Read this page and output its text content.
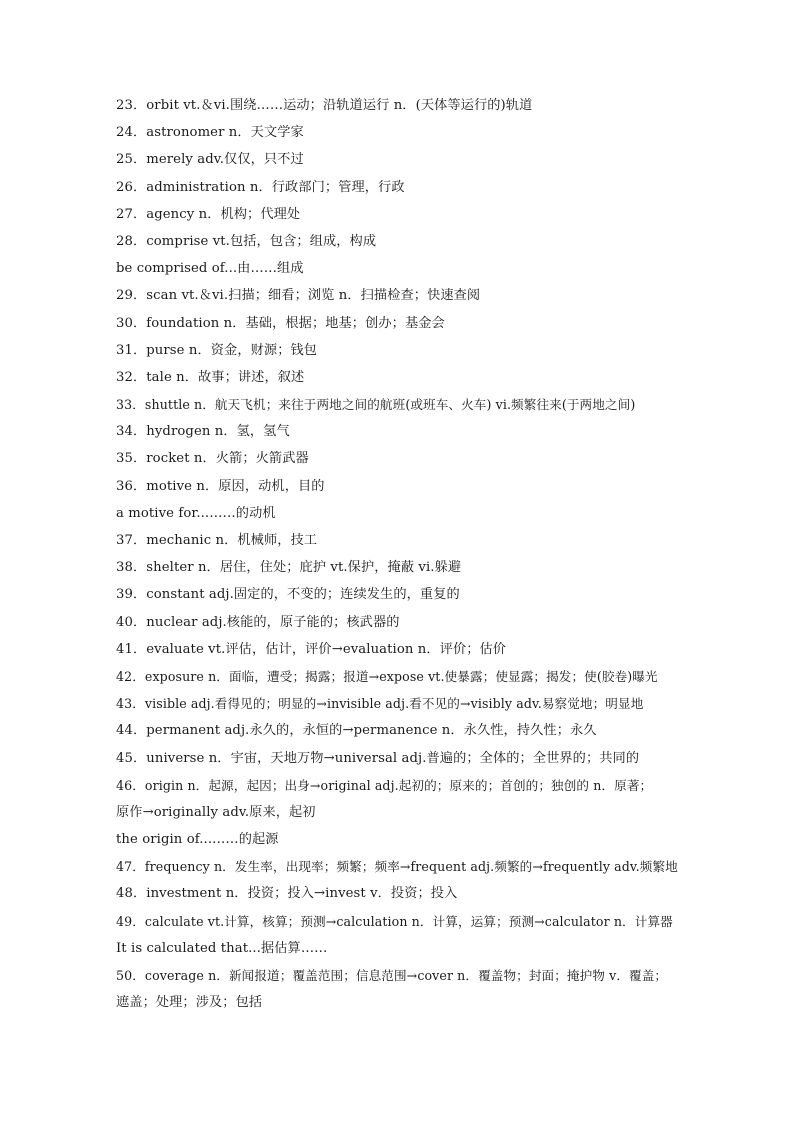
23．orbit vt.＆vi.围绕……运动；沿轨道运行 n．(天体等运行的)轨道
24．astronomer n．天文学家
25．merely adv.仅仅，只不过
26．administration n．行政部门；管理，行政
27．agency n．机构；代理处
28．comprise vt.包括，包含；组成，构成
be comprised of...由……组成
29．scan vt.＆vi.扫描；细看；浏览 n．扫描检查；快速查阅
30．foundation n．基础，根据；地基；创办；基金会
31．purse n．资金，财源；钱包
32．tale n．故事；讲述，叙述
33．shuttle n．航天飞机；来往于两地之间的航班(或班车、火车) vi.频繁往来(于两地之间)
34．hydrogen n．氢，氢气
35．rocket n．火箭；火箭武器
36．motive n．原因，动机，目的
a motive for...……的动机
37．mechanic n．机械师，技工
38．shelter n．居住，住处；庇护 vt.保护，掩蔽 vi.躲避
39．constant adj.固定的，不变的；连续发生的，重复的
40．nuclear adj.核能的，原子能的；核武器的
41．evaluate vt.评估，估计，评价→evaluation n．评价；估价
42．exposure n．面临，遭受；揭露；报道→expose vt.使暴露；使显露；揭发；使(胶卷)曝光
43．visible adj.看得见的；明显的→invisible adj.看不见的→visibly adv.易察觉地；明显地
44．permanent adj.永久的，永恒的→permanence n．永久性，持久性；永久
45．universe n．宇宙，天地万物→universal adj.普遍的；全体的；全世界的；共同的
46．origin n．起源，起因；出身→original adj.起初的；原来的；首创的；独创的 n．原著；
原作→originally adv.原来，起初
the origin of...……的起源
47．frequency n．发生率，出现率；频繁；频率→frequent adj.频繁的→frequently adv.频繁地
48．investment n．投资；投入→invest v．投资；投入
49．calculate vt.计算，核算；预测→calculation n．计算，运算；预测→calculator n．计算器
It is calculated that...据估算……
50．coverage n．新闻报道；覆盖范围；信息范围→cover n．覆盖物；封面；掩护物 v．覆盖；
遮盖；处理；涉及；包括
